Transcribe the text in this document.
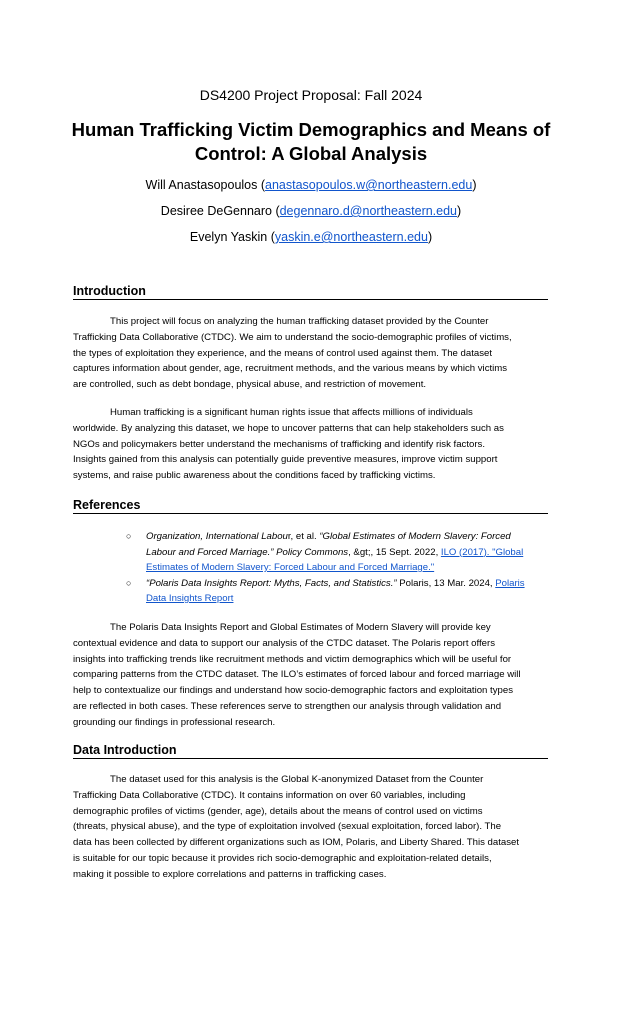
DS4200 Project Proposal: Fall 2024
Human Trafficking Victim Demographics and Means of
Control: A Global Analysis
Will Anastasopoulos (anastasopoulos.w@northeastern.edu)
Desiree DeGennaro (degennaro.d@northeastern.edu)
Evelyn Yaskin (yaskin.e@northeastern.edu)
Introduction
This project will focus on analyzing the human trafficking dataset provided by the Counter
Trafficking Data Collaborative (CTDC). We aim to understand the socio-demographic profiles of victims,
the types of exploitation they experience, and the means of control used against them. The dataset
captures information about gender, age, recruitment methods, and the various means by which victims
are controlled, such as debt bondage, physical abuse, and restriction of movement.
Human trafficking is a significant human rights issue that affects millions of individuals
worldwide. By analyzing this dataset, we hope to uncover patterns that can help stakeholders such as
NGOs and policymakers better understand the mechanisms of trafficking and identify risk factors.
Insights gained from this analysis can potentially guide preventive measures, improve victim support
systems, and raise public awareness about the conditions faced by trafficking victims.
References
○ Organization, International Labour, et al. “Global Estimates of Modern Slavery: Forced
Labour and Forced Marriage.” Policy Commons, &gt;, 15 Sept. 2022, ILO (2017). "Global
Estimates of Modern Slavery: Forced Labour and Forced Marriage."
○ “Polaris Data Insights Report: Myths, Facts, and Statistics.” Polaris, 13 Mar. 2024, Polaris
Data Insights Report
The Polaris Data Insights Report and Global Estimates of Modern Slavery will provide key
contextual evidence and data to support our analysis of the CTDC dataset. The Polaris report offers
insights into trafficking trends like recruitment methods and victim demographics which will be useful for
comparing patterns from the CTDC dataset. The ILO’s estimates of forced labour and forced marriage will
help to contextualize our findings and understand how socio-demographic factors and exploitation types
are reflected in both cases. These references serve to strengthen our analysis through validation and
grounding our findings in professional research.
Data Introduction
The dataset used for this analysis is the Global K-anonymized Dataset from the Counter
Trafficking Data Collaborative (CTDC). It contains information on over 60 variables, including
demographic profiles of victims (gender, age), details about the means of control used on victims
(threats, physical abuse), and the type of exploitation involved (sexual exploitation, forced labor). The
data has been collected by different organizations such as IOM, Polaris, and Liberty Shared. This dataset
is suitable for our topic because it provides rich socio-demographic and exploitation-related details,
making it possible to explore correlations and patterns in trafficking cases.
